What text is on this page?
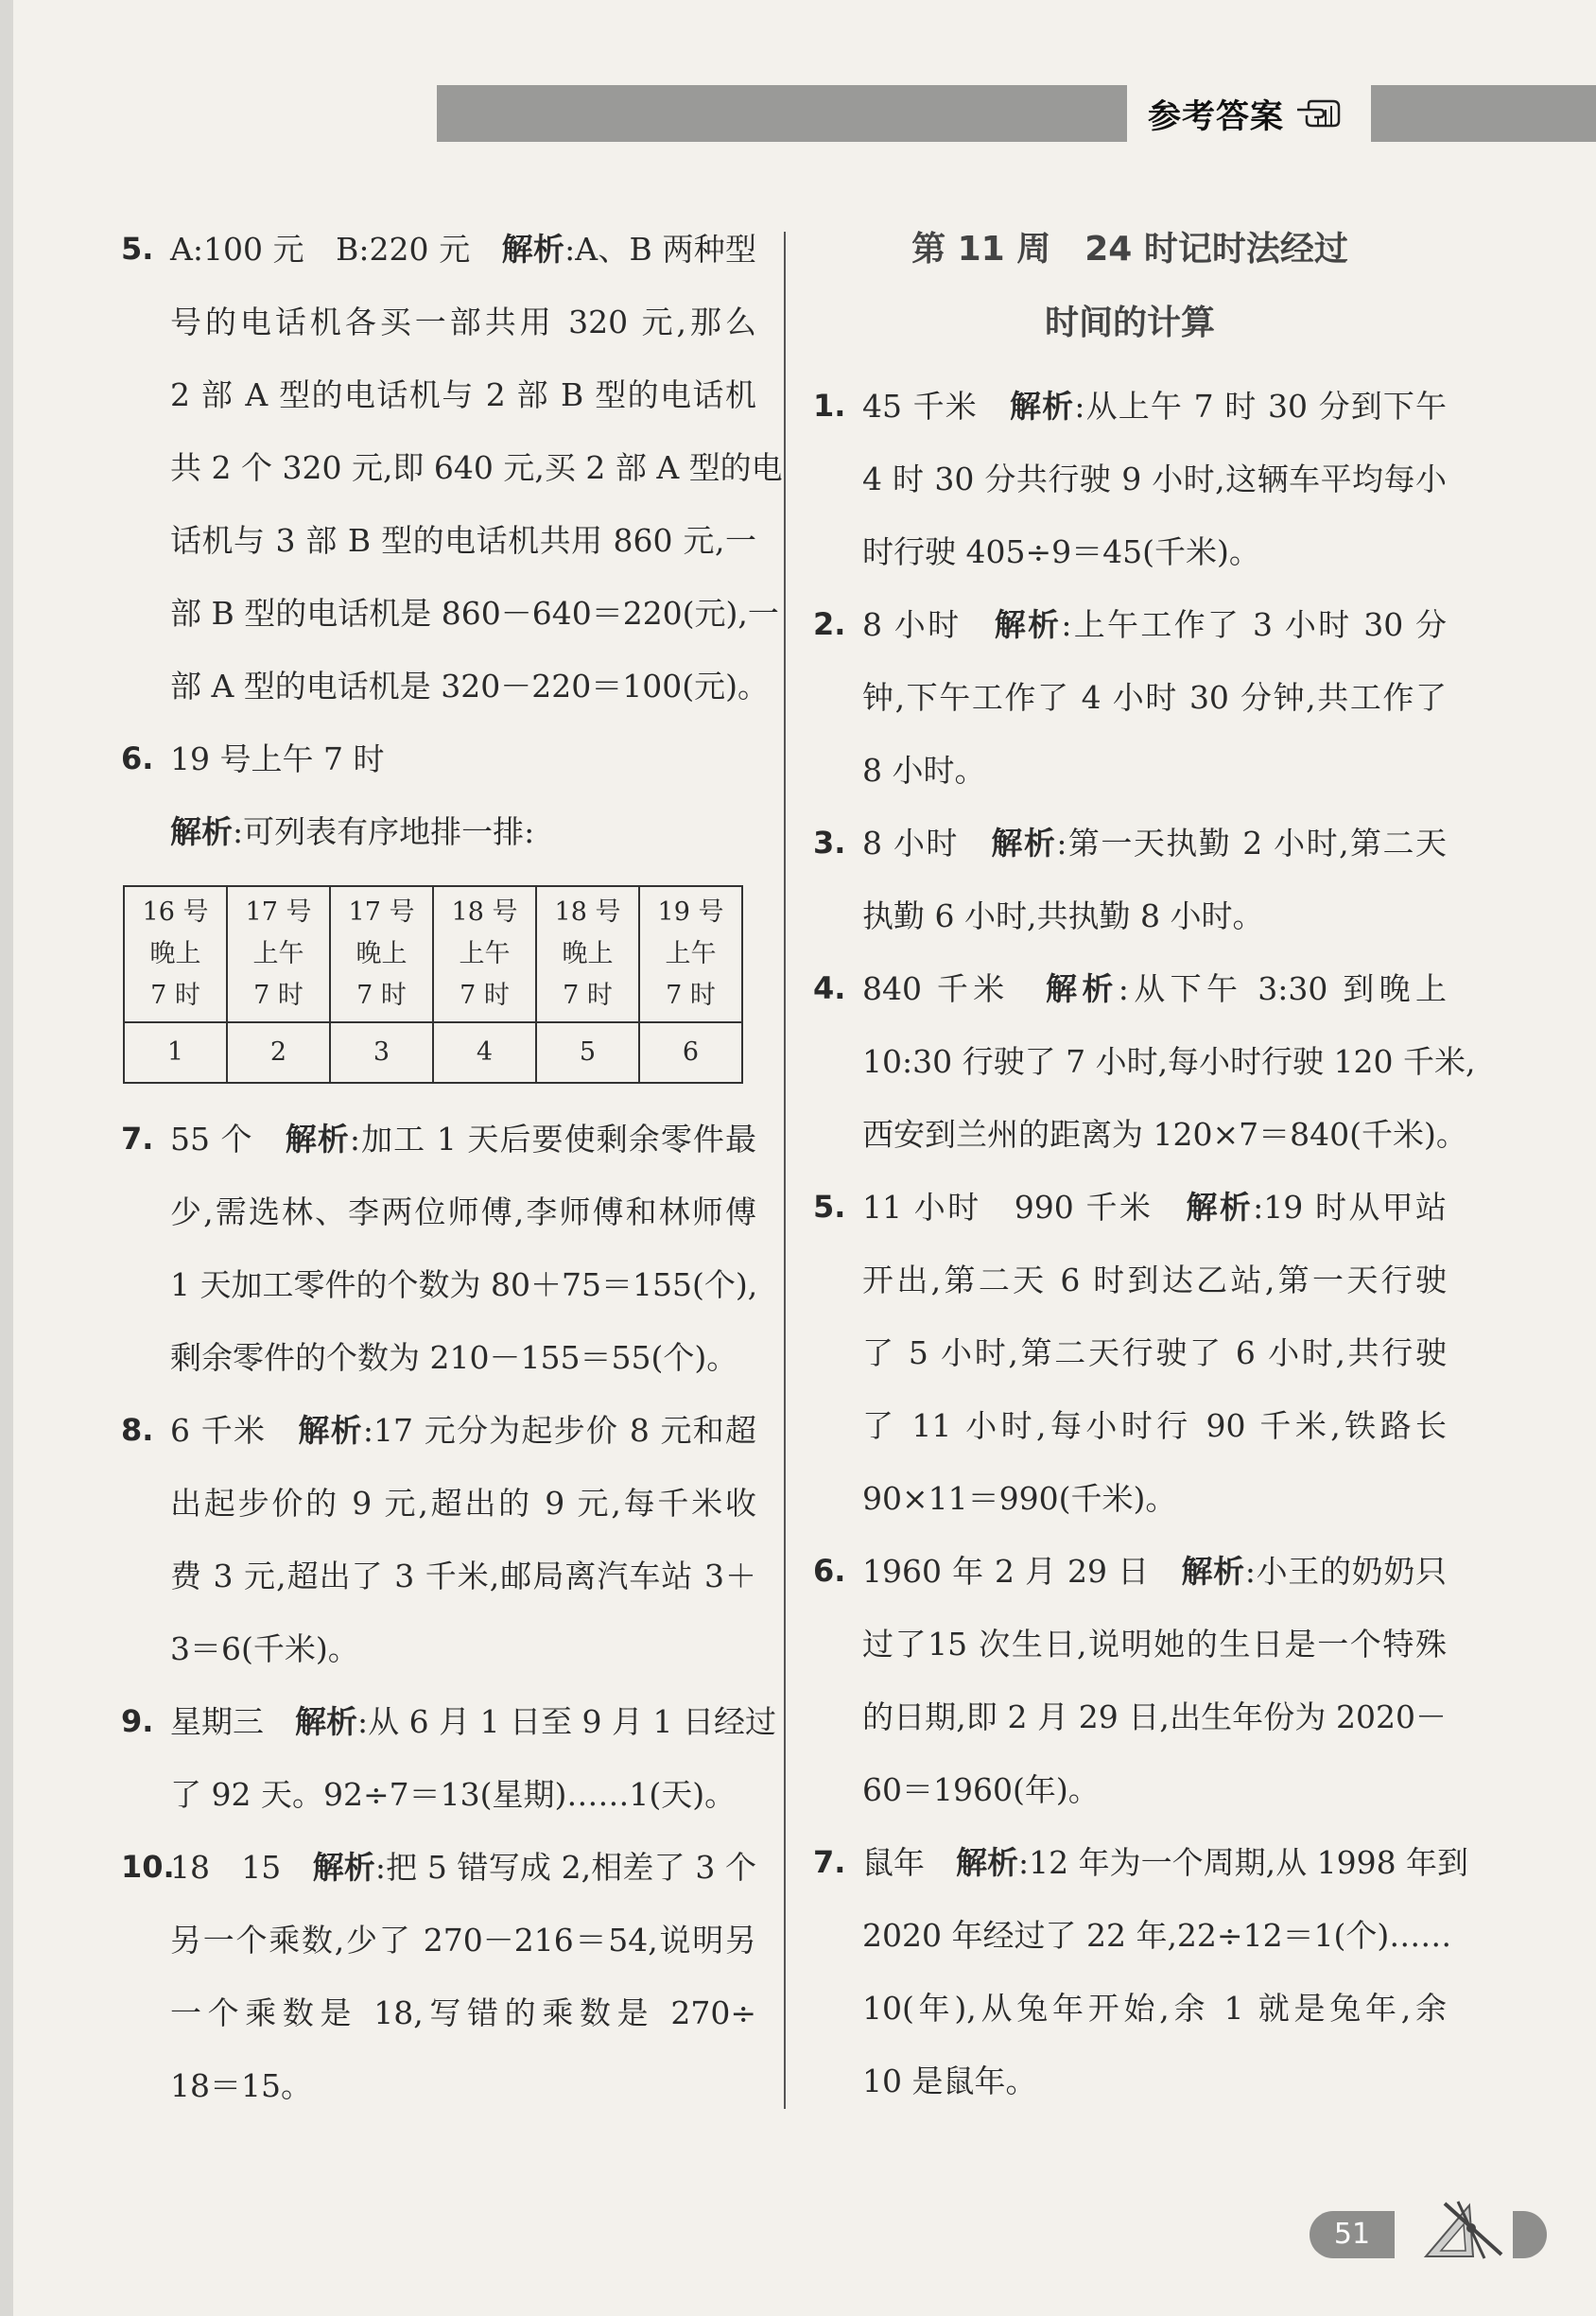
参考答案
5. A:100 元　B:220 元　解析:A、B 两种型
号的电话机各买一部共用 320 元,那么
2 部 A 型的电话机与 2 部 B 型的电话机
共 2 个 320 元,即 640 元,买 2 部 A 型的电
话机与 3 部 B 型的电话机共用 860 元,一
部 B 型的电话机是 860－640＝220(元),一
部 A 型的电话机是 320－220＝100(元)。
6. 19 号上午 7 时
解析:可列表有序地排一排:
16 号
晚上
7 时	17 号
上午
7 时	17 号
晚上
7 时	18 号
上午
7 时	18 号
晚上
7 时	19 号
上午
7 时
1	2	3	4	5	6
7. 55 个　解析:加工 1 天后要使剩余零件最
少,需选林、李两位师傅,李师傅和林师傅
1 天加工零件的个数为 80＋75＝155(个),
剩余零件的个数为 210－155＝55(个)。
8. 6 千米　解析:17 元分为起步价 8 元和超
出起步价的 9 元,超出的 9 元,每千米收
费 3 元,超出了 3 千米,邮局离汽车站 3＋
3＝6(千米)。
9. 星期三　解析:从 6 月 1 日至 9 月 1 日经过
了 92 天。92÷7＝13(星期)……1(天)。
10.
18　15　解析:把 5 错写成 2,相差了 3 个
另一个乘数,少了 270－216＝54,说明另
一个乘数是 18,写错的乘数是 270÷
18＝15。
第 11 周　24 时记时法经过
时间的计算
1. 45 千米　解析:从上午 7 时 30 分到下午
4 时 30 分共行驶 9 小时,这辆车平均每小
时行驶 405÷9＝45(千米)。
2. 8 小时　解析:上午工作了 3 小时 30 分
钟,下午工作了 4 小时 30 分钟,共工作了
8 小时。
3. 8 小时　解析:第一天执勤 2 小时,第二天
执勤 6 小时,共执勤 8 小时。
4. 840 千米　解析:从下午 3:30 到晚上
10:30 行驶了 7 小时,每小时行驶 120 千米,
西安到兰州的距离为 120×7＝840(千米)。
5. 11 小时　990 千米　解析:19 时从甲站
开出,第二天 6 时到达乙站,第一天行驶
了 5 小时,第二天行驶了 6 小时,共行驶
了 11 小时,每小时行 90 千米,铁路长
90×11＝990(千米)。
6. 1960 年 2 月 29 日　解析:小王的奶奶只
过了15 次生日,说明她的生日是一个特殊
的日期,即 2 月 29 日,出生年份为 2020－
60＝1960(年)。
7. 鼠年　解析:12 年为一个周期,从 1998 年到
2020 年经过了 22 年,22÷12＝1(个)……
10(年),从兔年开始,余 1 就是兔年,余
10 是鼠年。
51
